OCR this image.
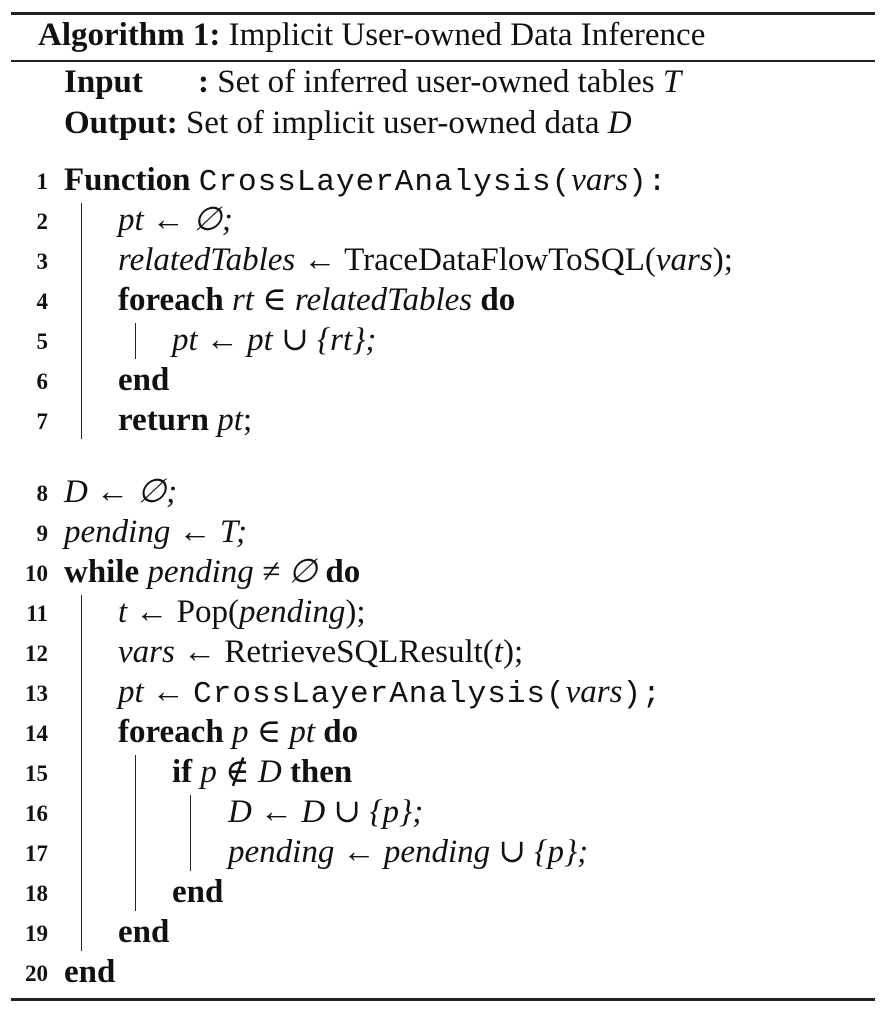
Algorithm 1: Implicit User-owned Data Inference
Input : Set of inferred user-owned tables T
Output: Set of implicit user-owned data D
1 Function CrossLayerAnalysis(vars):
2 pt ← ∅;
3 relatedTables ← TraceDataFlowToSQL(vars);
4 foreach rt ∈ relatedTables do
5	pt ← pt ∪ {rt};
6 end
7 return pt;
8 D ← ∅;
9 pending ← T;
10 while pending ≠ ∅ do
11 t ← Pop(pending);
12 vars ← RetrieveSQLResult(t);
13 pt ← CrossLayerAnalysis(vars);
14 foreach p ∈ pt do
15	if p ∉ D then
16	D ← D ∪ {p};
17	pending ← pending ∪ {p};
18	end
19 end
20 end
